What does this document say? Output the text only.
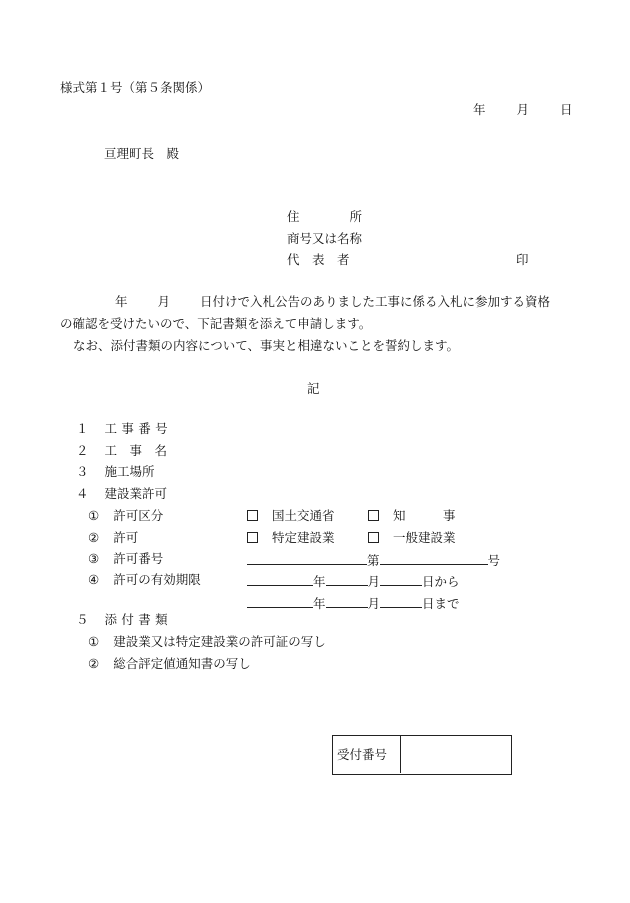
様式第１号（第５条関係）
年 月 日
亘理町長　殿
住　　　　所
商号又は名称
代　表　者	印
年 月 日付けで入札公告のありました工事に係る入札に参加する資格
の確認を受けたいので、下記書類を添えて申請します。
なお、添付書類の内容について、事実と相違ないことを誓約します。
記
１ 工事番号
２ 工　事　名
３ 施工場所
４ 建設業許可
① 許可区分	国土交通省	知　　　事
② 許可	特定建設業	一般建設業
③ 許可番号	第	号
④ 許可の有効期限	年	月	日から
年	月	日まで
５ 添付書類
① 建設業又は特定建設業の許可証の写し
② 総合評定値通知書の写し
受付番号
